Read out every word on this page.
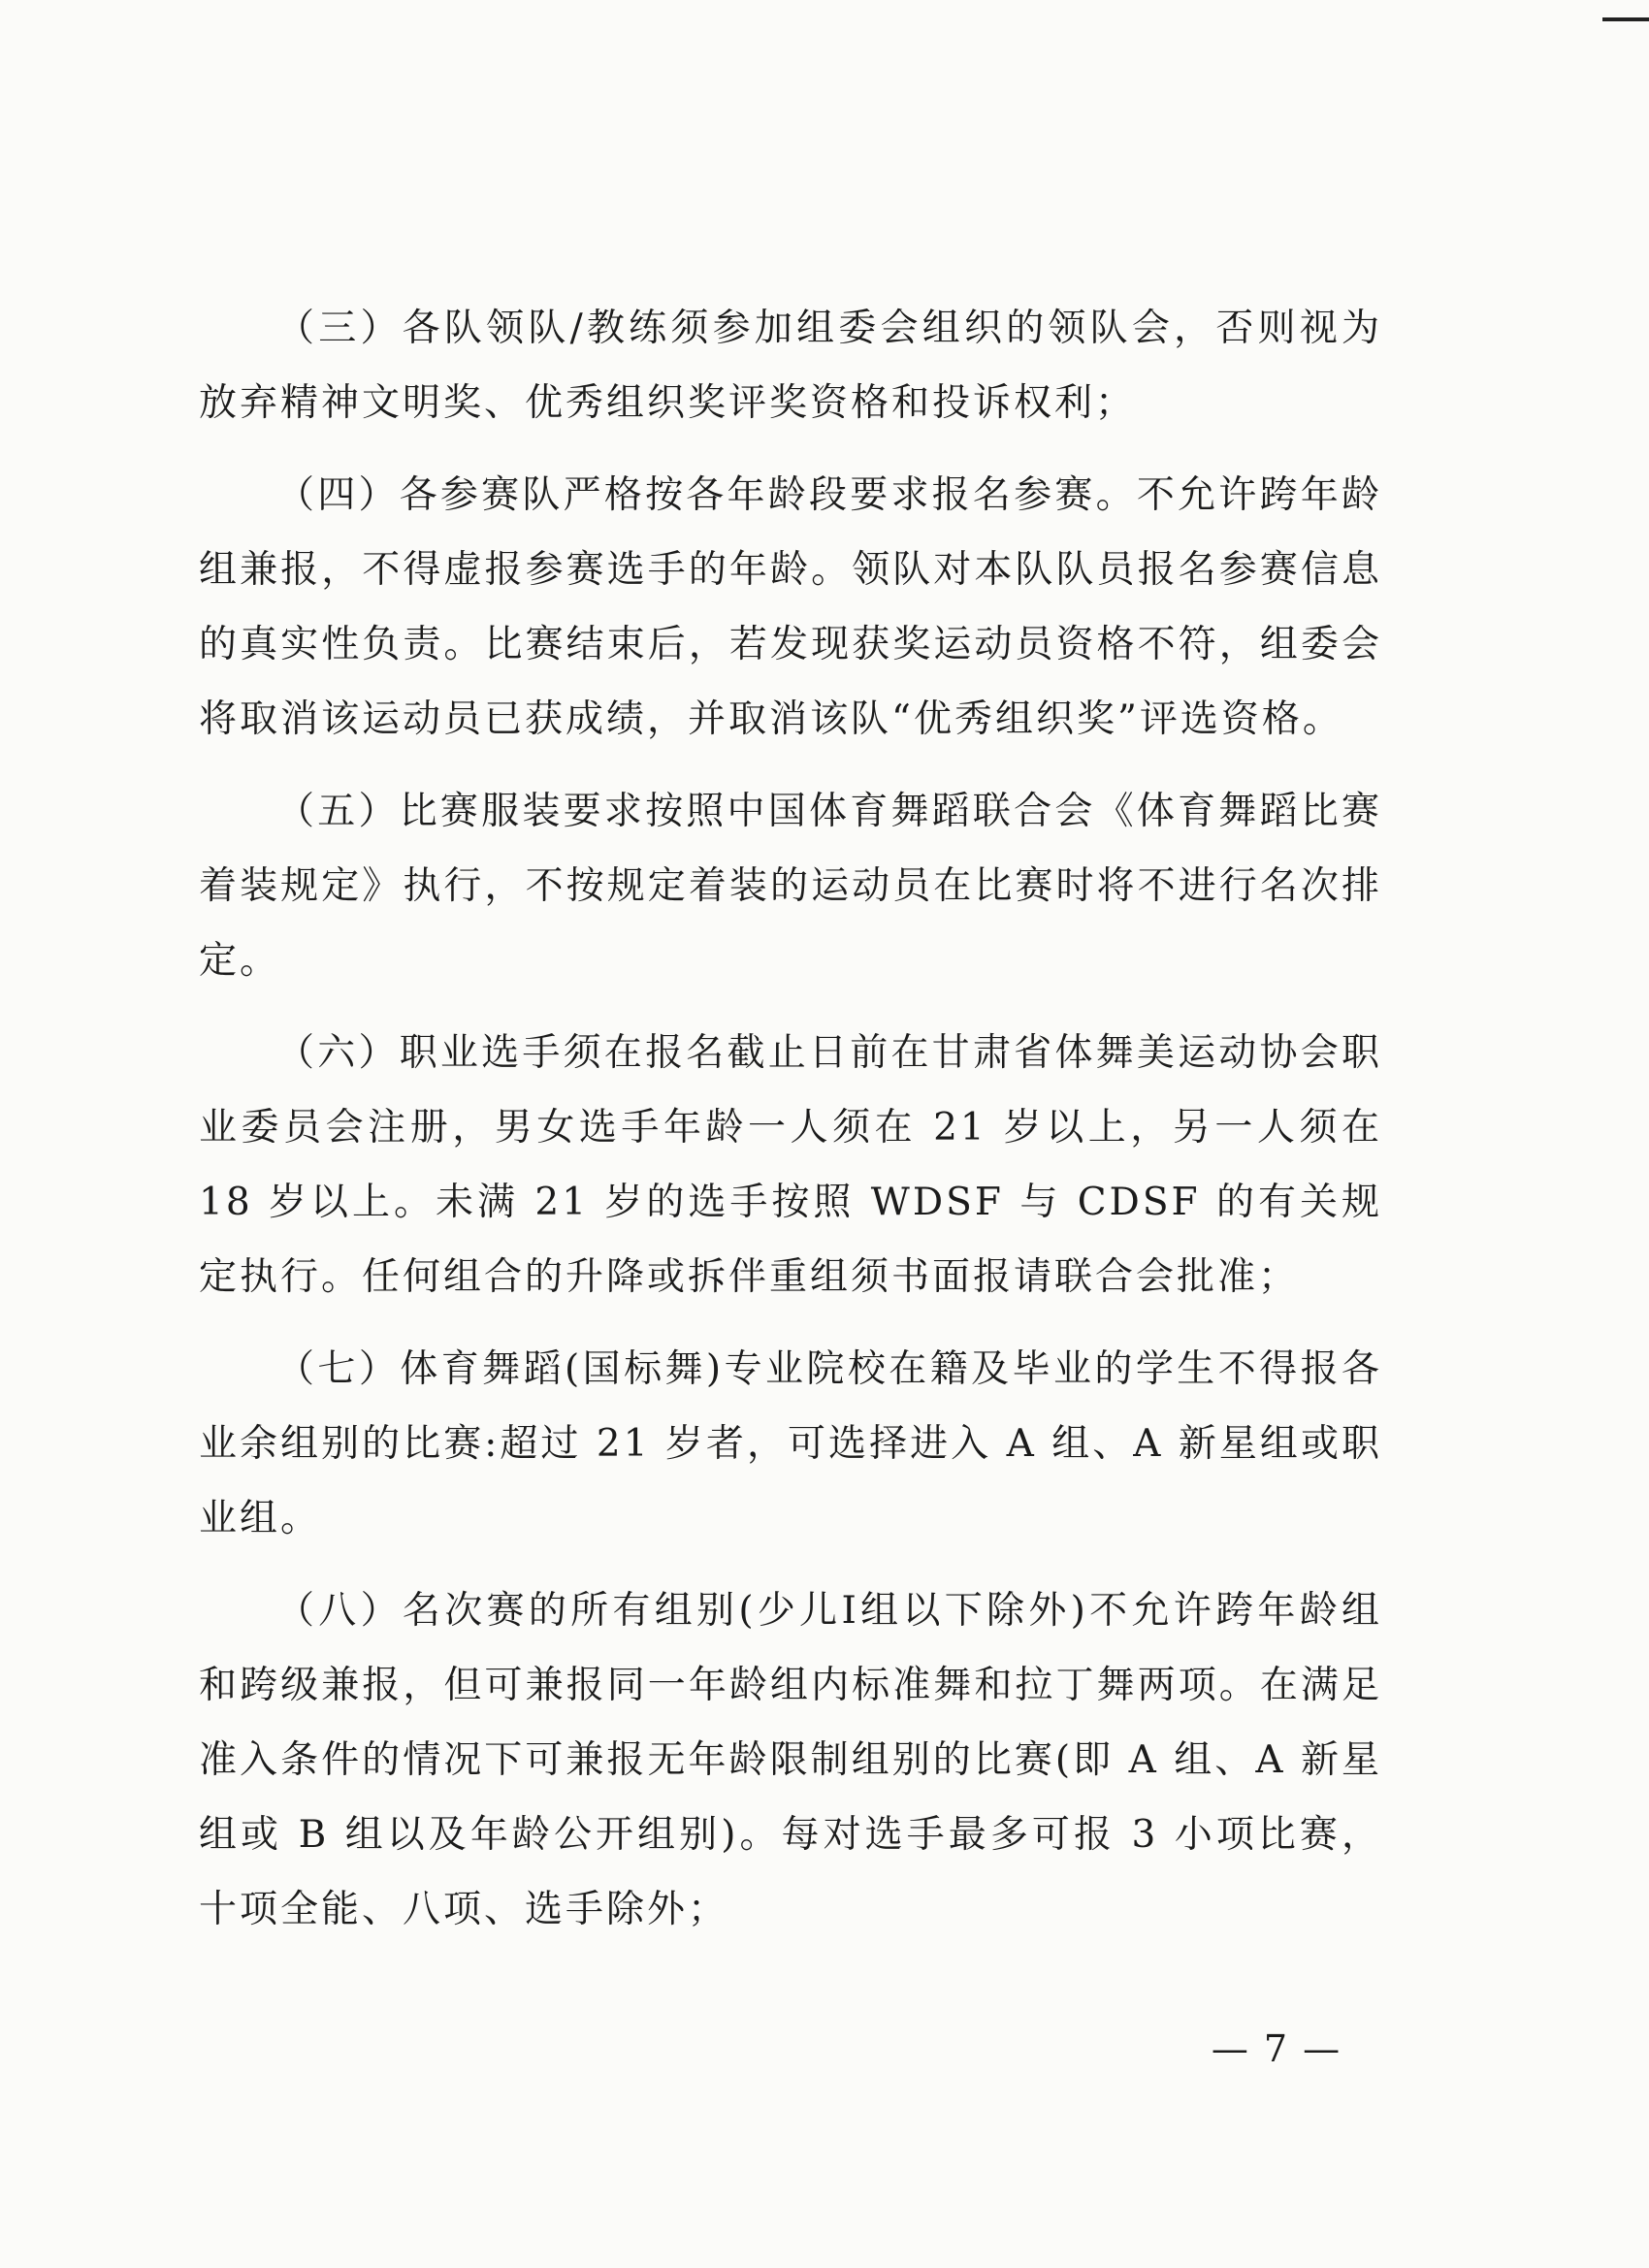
（三）各队领队/教练须参加组委会组织的领队会，否则视为放弃精神文明奖、优秀组织奖评奖资格和投诉权利；

（四）各参赛队严格按各年龄段要求报名参赛。不允许跨年龄组兼报，不得虚报参赛选手的年龄。领队对本队队员报名参赛信息的真实性负责。比赛结束后，若发现获奖运动员资格不符，组委会将取消该运动员已获成绩，并取消该队“优秀组织奖”评选资格。

（五）比赛服装要求按照中国体育舞蹈联合会《体育舞蹈比赛着装规定》执行，不按规定着装的运动员在比赛时将不进行名次排定。

（六）职业选手须在报名截止日前在甘肃省体舞美运动协会职业委员会注册，男女选手年龄一人须在 21 岁以上，另一人须在 18 岁以上。未满 21 岁的选手按照 WDSF 与 CDSF 的有关规定执行。任何组合的升降或拆伴重组须书面报请联合会批准；

（七）体育舞蹈(国标舞)专业院校在籍及毕业的学生不得报各业余组别的比赛:超过 21 岁者，可选择进入 A 组、A 新星组或职业组。

（八）名次赛的所有组别(少儿Ⅰ组以下除外)不允许跨年龄组和跨级兼报，但可兼报同一年龄组内标准舞和拉丁舞两项。在满足准入条件的情况下可兼报无年龄限制组别的比赛(即 A 组、A 新星组或 B 组以及年龄公开组别)。每对选手最多可报 3 小项比赛，十项全能、八项、选手除外；

— 7 —
